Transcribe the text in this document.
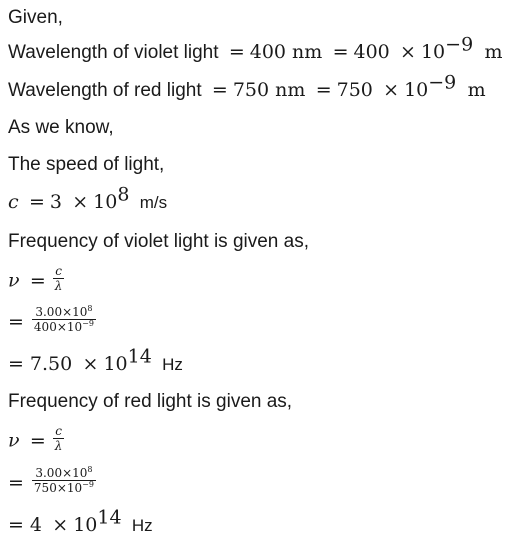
Given,
Wavelength of violet light = 400 nm = $400 \times 10^{-9}$ m
Wavelength of red light = 750 nm = $750 \times 10^{-9}$ m
As we know,
The speed of light,
$c = 3 \times 10^8$ m/s
Frequency of violet light is given as,
$\nu = \frac{c}{\lambda}$
= $\frac{3.00\times 10^8}{400\times 10^{-9}}$
= $7.50 \times 10^{14}$ Hz
Frequency of red light is given as,
$\nu = \frac{c}{\lambda}$
= $\frac{3.00\times 10^8}{750\times 10^{-9}}$
= $4 \times 10^{14}$ Hz
